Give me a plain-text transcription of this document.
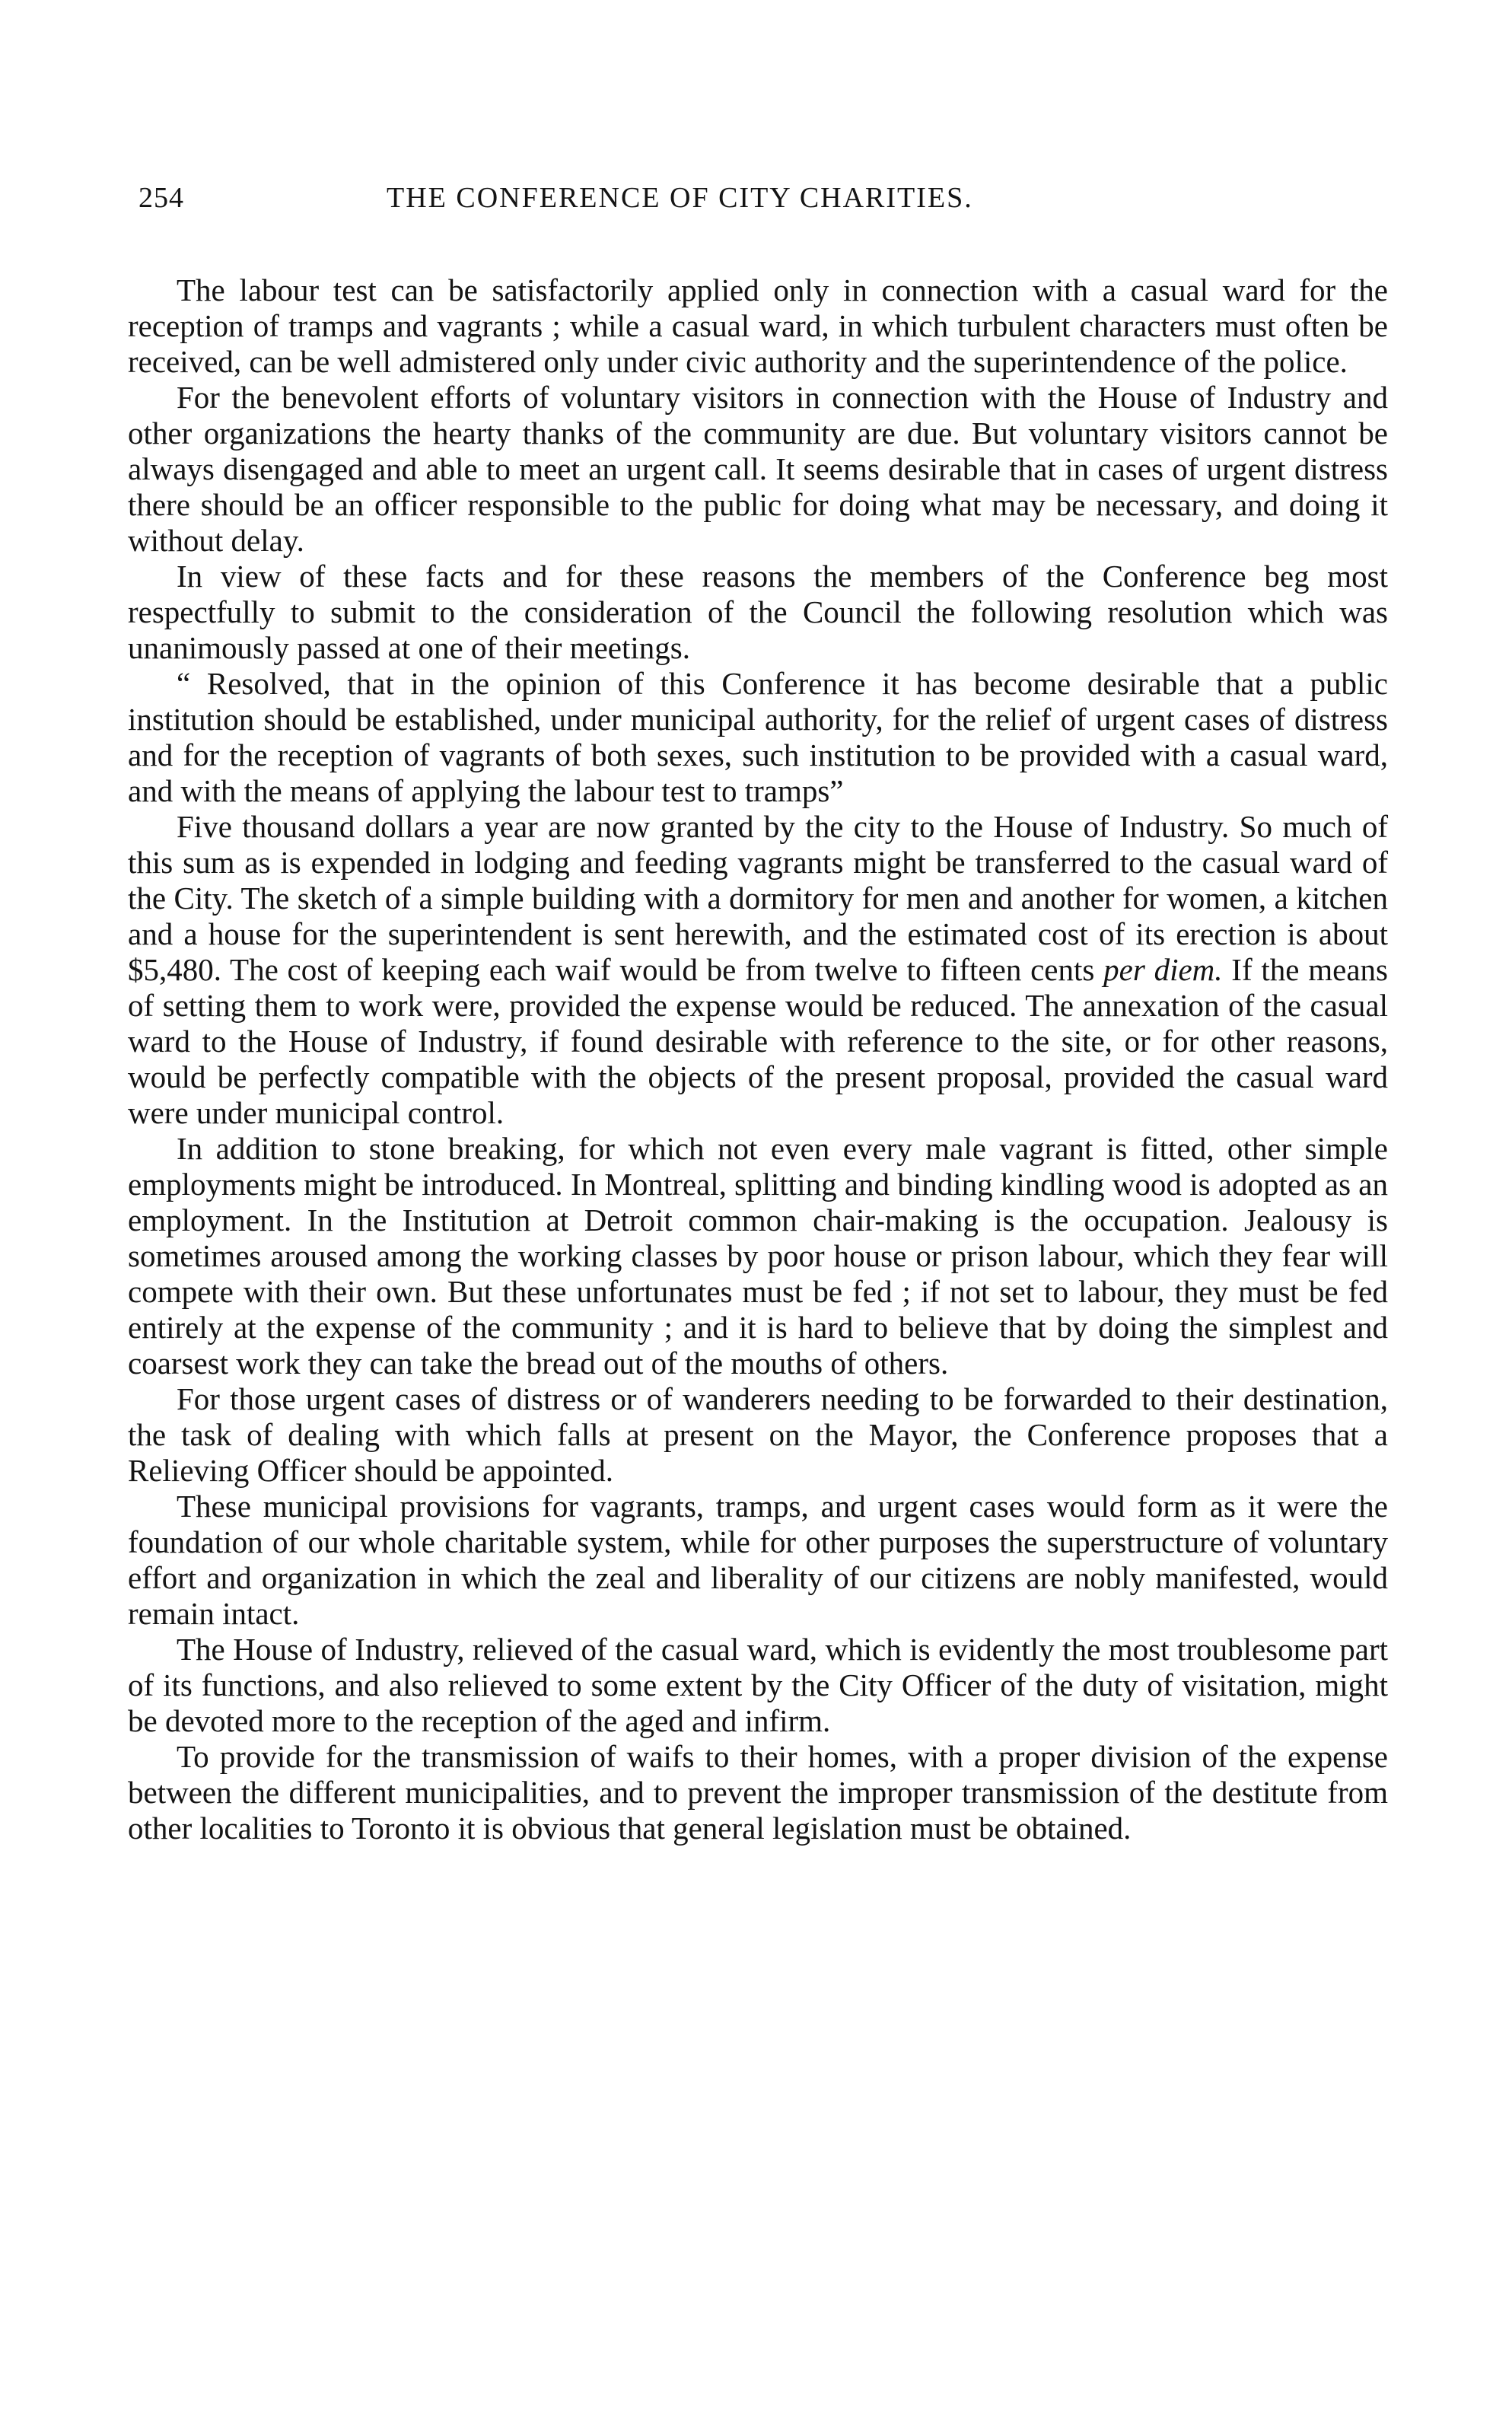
254	THE CONFERENCE OF CITY CHARITIES.

The labour test can be satisfactorily applied only in connection with a casual ward for the reception of tramps and vagrants ; while a casual ward, in which turbulent characters must often be received, can be well admistered only under civic authority and the superintendence of the police.

For the benevolent efforts of voluntary visitors in connection with the House of Industry and other organizations the hearty thanks of the community are due. But voluntary visitors cannot be always disengaged and able to meet an urgent call. It seems desirable that in cases of urgent distress there should be an officer responsible to the public for doing what may be necessary, and doing it without delay.

In view of these facts and for these reasons the members of the Conference beg most respectfully to submit to the consideration of the Council the following resolution which was unanimously passed at one of their meetings.

“ Resolved, that in the opinion of this Conference it has become desirable that a public institution should be established, under municipal authority, for the relief of urgent cases of distress and for the reception of vagrants of both sexes, such institution to be provided with a casual ward, and with the means of applying the labour test to tramps”

Five thousand dollars a year are now granted by the city to the House of Industry. So much of this sum as is expended in lodging and feeding vagrants might be transferred to the casual ward of the City. The sketch of a simple building with a dormitory for men and another for women, a kitchen and a house for the superintendent is sent herewith, and the estimated cost of its erection is about $5,480. The cost of keeping each waif would be from twelve to fifteen cents per diem. If the means of setting them to work were, provided the expense would be reduced. The annexation of the casual ward to the House of Industry, if found desirable with reference to the site, or for other reasons, would be perfectly compatible with the objects of the present proposal, provided the casual ward were under municipal control.

In addition to stone breaking, for which not even every male vagrant is fitted, other simple employments might be introduced. In Montreal, splitting and binding kindling wood is adopted as an employment. In the Institution at Detroit common chair-making is the occupation. Jealousy is sometimes aroused among the working classes by poor house or prison labour, which they fear will compete with their own. But these unfortunates must be fed ; if not set to labour, they must be fed entirely at the expense of the community ; and it is hard to believe that by doing the simplest and coarsest work they can take the bread out of the mouths of others.

For those urgent cases of distress or of wanderers needing to be forwarded to their destination, the task of dealing with which falls at present on the Mayor, the Conference proposes that a Relieving Officer should be appointed.

These municipal provisions for vagrants, tramps, and urgent cases would form as it were the foundation of our whole charitable system, while for other purposes the superstructure of voluntary effort and organization in which the zeal and liberality of our citizens are nobly manifested, would remain intact.

The House of Industry, relieved of the casual ward, which is evidently the most troublesome part of its functions, and also relieved to some extent by the City Officer of the duty of visitation, might be devoted more to the reception of the aged and infirm.

To provide for the transmission of waifs to their homes, with a proper division of the expense between the different municipalities, and to prevent the improper transmission of the destitute from other localities to Toronto it is obvious that general legislation must be obtained.
